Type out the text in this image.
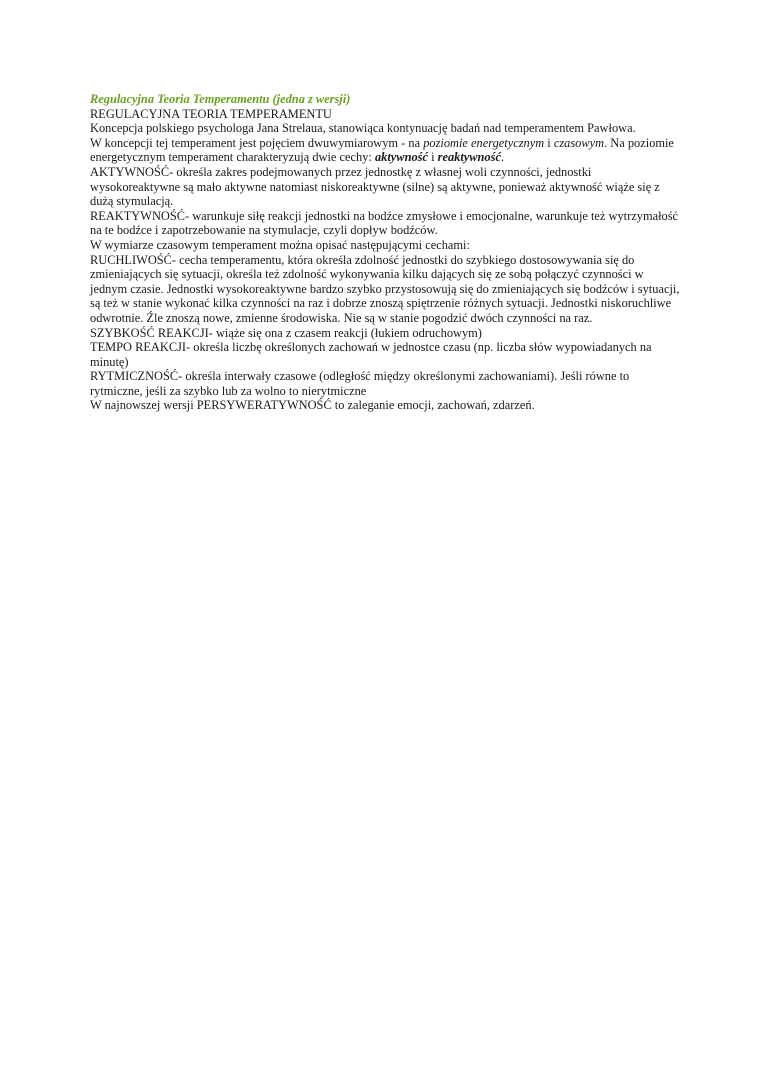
Regulacyjna Teoria Temperamentu (jedna z wersji)

REGULACYJNA TEORIA TEMPERAMENTU

Koncepcja polskiego psychologa Jana Strelaua, stanowiąca kontynuację badań nad temperamentem Pawłowa.

W koncepcji tej temperament jest pojęciem dwuwymiarowym - na poziomie energetycznym i czasowym. Na poziomie energetycznym temperament charakteryzują dwie cechy: aktywność i reaktywność.

AKTYWNOŚĆ- określa zakres podejmowanych przez jednostkę z własnej woli czynności, jednostki wysokoreaktywne są mało aktywne natomiast niskoreaktywne (silne) są aktywne, ponieważ aktywność wiąże się z dużą stymulacją.

REAKTYWNOŚĆ- warunkuje siłę reakcji jednostki na bodźce zmysłowe i emocjonalne, warunkuje też wytrzymałość na te bodźce i zapotrzebowanie na stymulacje, czyli dopływ bodźców.

W wymiarze czasowym temperament można opisać następującymi cechami:

RUCHLIWOŚĆ- cecha temperamentu, która określa zdolność jednostki do szybkiego dostosowywania się do zmieniających się sytuacji, określa też zdolność wykonywania kilku dających się ze sobą połączyć czynności w jednym czasie. Jednostki wysokoreaktywne bardzo szybko przystosowują się do zmieniających się bodźców i sytuacji, są też w stanie wykonać kilka czynności na raz i dobrze znoszą spiętrzenie różnych sytuacji. Jednostki niskoruchliwe odwrotnie. Źle znoszą nowe, zmienne środowiska. Nie są w stanie pogodzić dwóch czynności na raz.

SZYBKOŚĆ REAKCJI- wiąże się ona z czasem reakcji (łukiem odruchowym)

TEMPO REAKCJI- określa liczbę określonych zachowań w jednostce czasu (np. liczba słów wypowiadanych na minutę)

RYTMICZNOŚĆ- określa interwały czasowe (odległość między określonymi zachowaniami). Jeśli równe to rytmiczne, jeśli za szybko lub za wolno to nierytmiczne

W najnowszej wersji PERSYWERATYWNOŚĆ to zaleganie emocji, zachowań, zdarzeń.
